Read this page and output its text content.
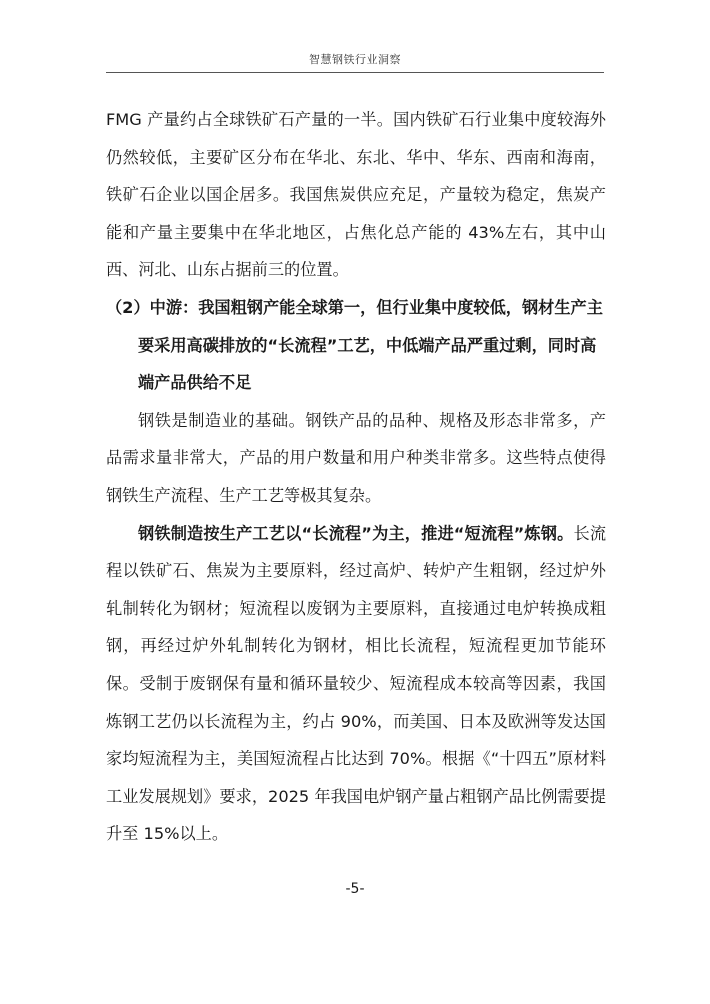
智慧钢铁行业洞察

FMG 产量约占全球铁矿石产量的一半。国内铁矿石行业集中度较海外仍然较低，主要矿区分布在华北、东北、华中、华东、西南和海南，铁矿石企业以国企居多。我国焦炭供应充足，产量较为稳定，焦炭产能和产量主要集中在华北地区，占焦化总产能的 43%左右，其中山西、河北、山东占据前三的位置。

（2）中游：我国粗钢产能全球第一，但行业集中度较低，钢材生产主要采用高碳排放的“长流程”工艺，中低端产品严重过剩，同时高端产品供给不足

钢铁是制造业的基础。钢铁产品的品种、规格及形态非常多，产品需求量非常大，产品的用户数量和用户种类非常多。这些特点使得钢铁生产流程、生产工艺等极其复杂。

钢铁制造按生产工艺以“长流程”为主，推进“短流程”炼钢。长流程以铁矿石、焦炭为主要原料，经过高炉、转炉产生粗钢，经过炉外轧制转化为钢材；短流程以废钢为主要原料，直接通过电炉转换成粗钢，再经过炉外轧制转化为钢材，相比长流程，短流程更加节能环保。受制于废钢保有量和循环量较少、短流程成本较高等因素，我国炼钢工艺仍以长流程为主，约占 90%，而美国、日本及欧洲等发达国家均短流程为主，美国短流程占比达到 70%。根据《“十四五”原材料工业发展规划》要求，2025 年我国电炉钢产量占粗钢产品比例需要提升至 15%以上。

-5-
